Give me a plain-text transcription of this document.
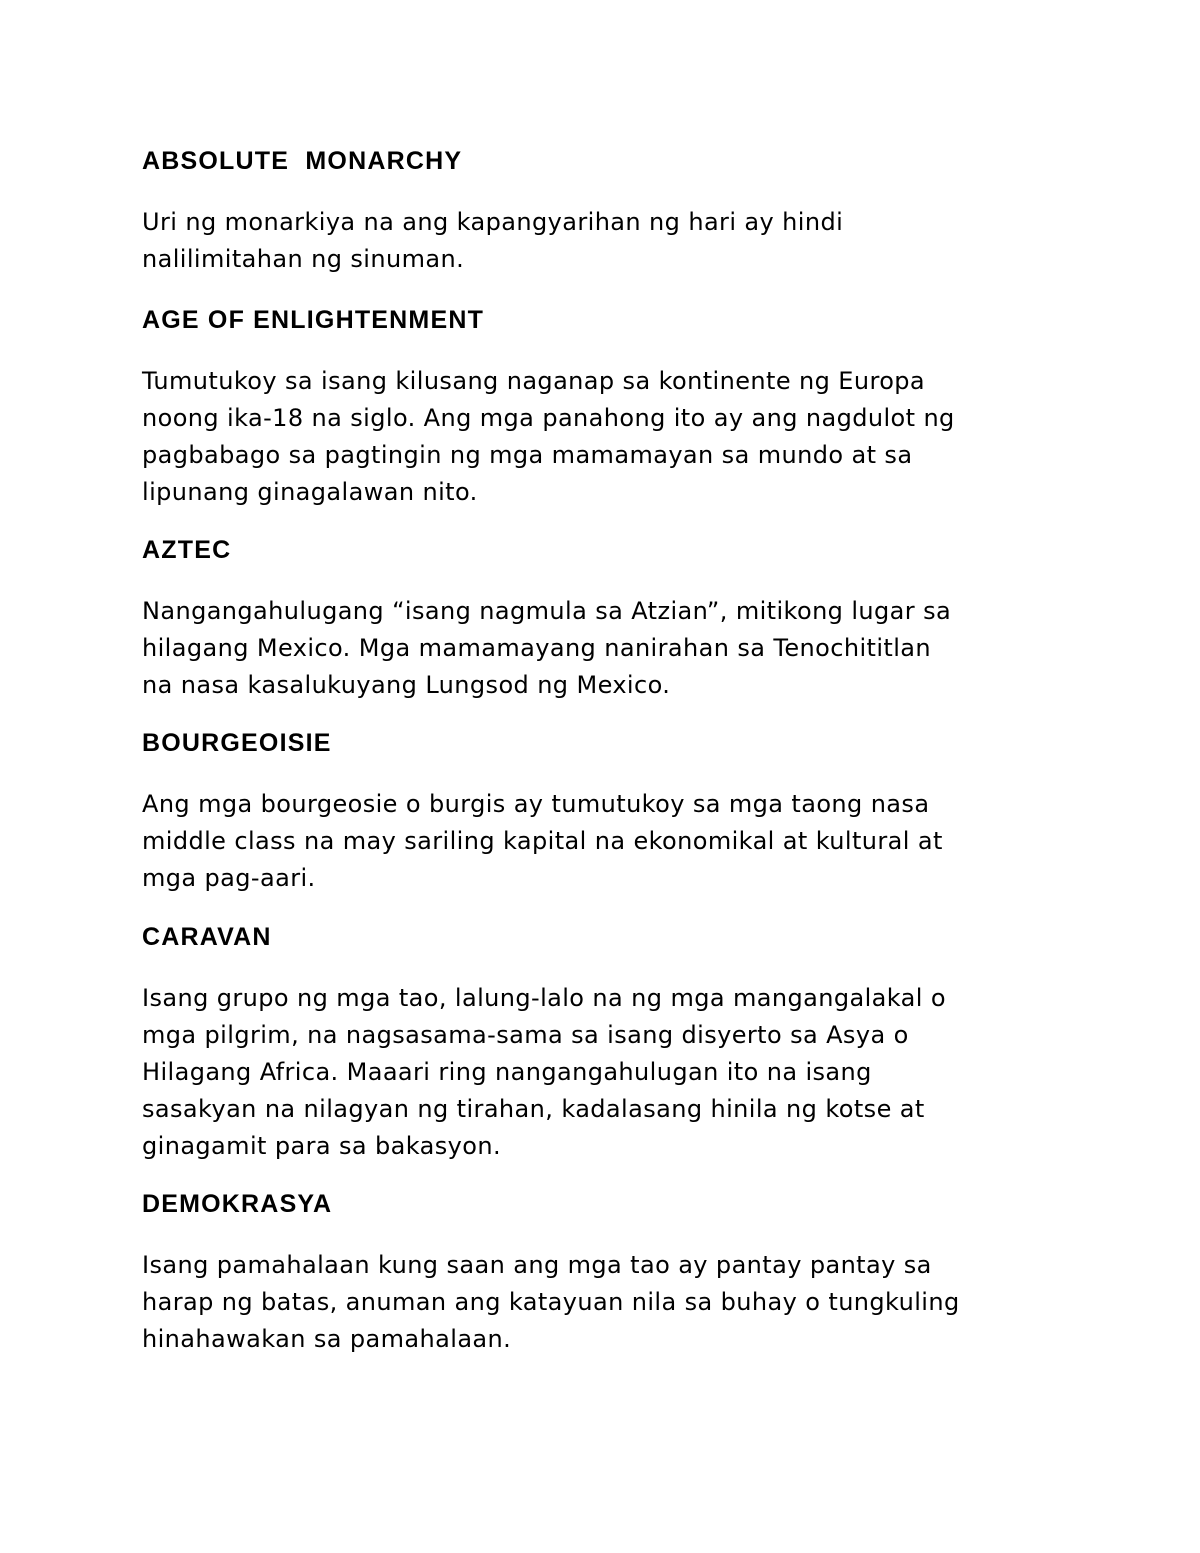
ABSOLUTE  MONARCHY
Uri ng monarkiya na ang kapangyarihan ng hari ay hindi
nalilimitahan ng sinuman.
AGE OF ENLIGHTENMENT
Tumutukoy sa isang kilusang naganap sa kontinente ng Europa
noong ika-18 na siglo. Ang mga panahong ito ay ang nagdulot ng
pagbabago sa pagtingin ng mga mamamayan sa mundo at sa
lipunang ginagalawan nito.
AZTEC
Nangangahulugang “isang nagmula sa Atzian”, mitikong lugar sa
hilagang Mexico. Mga mamamayang nanirahan sa Tenochititlan
na nasa kasalukuyang Lungsod ng Mexico.
BOURGEOISIE
Ang mga bourgeosie o burgis ay tumutukoy sa mga taong nasa
middle class na may sariling kapital na ekonomikal at kultural at
mga pag-aari.
CARAVAN
Isang grupo ng mga tao, lalung-lalo na ng mga mangangalakal o
mga pilgrim, na nagsasama-sama sa isang disyerto sa Asya o
Hilagang Africa. Maaari ring nangangahulugan ito na isang
sasakyan na nilagyan ng tirahan, kadalasang hinila ng kotse at
ginagamit para sa bakasyon.
DEMOKRASYA
Isang pamahalaan kung saan ang mga tao ay pantay pantay sa
harap ng batas, anuman ang katayuan nila sa buhay o tungkuling
hinahawakan sa pamahalaan.
